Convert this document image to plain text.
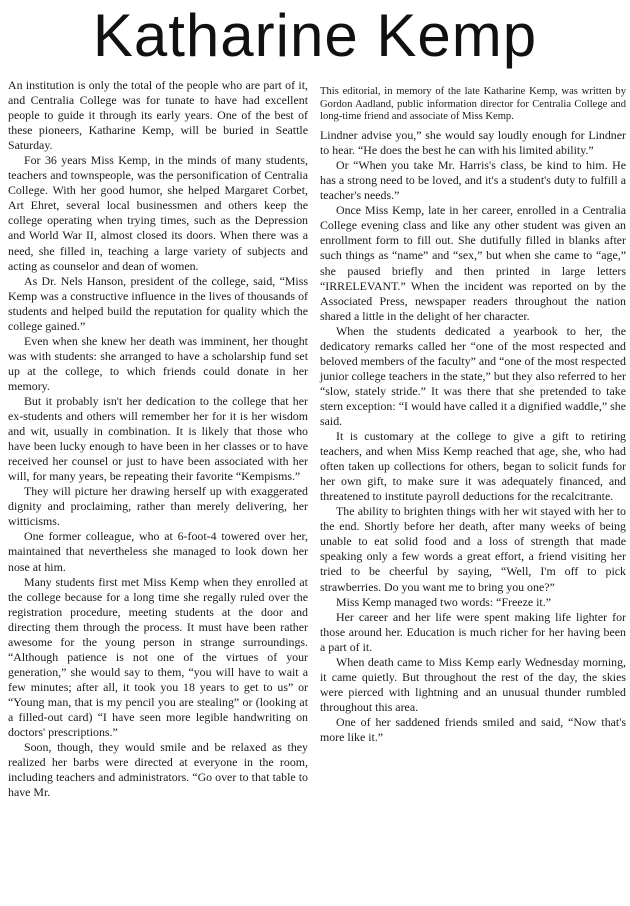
Katharine Kemp

An institution is only the total of the people who are part of it, and Centralia College was for tunate to have had excellent people to guide it through its early years. One of the best of these pioneers, Katharine Kemp, will be buried in Seattle Saturday.

For 36 years Miss Kemp, in the minds of many students, teachers and townspeople, was the personification of Centralia College. With her good humor, she helped Margaret Corbet, Art Ehret, several local businessmen and others keep the college operating when trying times, such as the Depression and World War II, almost closed its doors. When there was a need, she filled in, teaching a large variety of subjects and acting as counselor and dean of women.

As Dr. Nels Hanson, president of the college, said, “Miss Kemp was a constructive influence in the lives of thousands of students and helped build the reputation for quality which the college gained.”

Even when she knew her death was imminent, her thought was with students: she arranged to have a scholarship fund set up at the college, to which friends could donate in her memory.

But it probably isn't her dedication to the college that her ex-students and others will remember her for it is her wisdom and wit, usually in combination. It is likely that those who have been lucky enough to have been in her classes or to have received her counsel or just to have been associated with her will, for many years, be repeating their favorite “Kempisms.”

They will picture her drawing herself up with exaggerated dignity and proclaiming, rather than merely delivering, her witticisms.

One former colleague, who at 6-foot-4 towered over her, maintained that nevertheless she managed to look down her nose at him.

Many students first met Miss Kemp when they enrolled at the college because for a long time she regally ruled over the registration procedure, meeting students at the door and directing them through the process. It must have been rather awesome for the young person in strange surroundings. “Although patience is not one of the virtues of your generation,” she would say to them, “you will have to wait a few minutes; after all, it took you 18 years to get to us” or “Young man, that is my pencil you are stealing” or (looking at a filled-out card) “I have seen more legible handwriting on doctors' prescriptions.”

Soon, though, they would smile and be relaxed as they realized her barbs were directed at everyone in the room, including teachers and administrators. “Go over to that table to have Mr.

This editorial, in memory of the late Katharine Kemp, was written by Gordon Aadland, public information director for Centralia College and long-time friend and associate of Miss Kemp.

Lindner advise you,” she would say loudly enough for Lindner to hear. “He does the best he can with his limited ability.”

Or “When you take Mr. Harris's class, be kind to him. He has a strong need to be loved, and it's a student's duty to fulfill a teacher's needs.”

Once Miss Kemp, late in her career, enrolled in a Centralia College evening class and like any other student was given an enrollment form to fill out. She dutifully filled in blanks after such things as “name” and “sex,” but when she came to “age,” she paused briefly and then printed in large letters “IRRELEVANT.” When the incident was reported on by the Associated Press, newspaper readers throughout the nation shared a little in the delight of her character.

When the students dedicated a yearbook to her, the dedicatory remarks called her “one of the most respected and beloved members of the faculty” and “one of the most respected junior college teachers in the state,” but they also referred to her “slow, stately stride.” It was there that she pretended to take stern exception: “I would have called it a dignified waddle,” she said.

It is customary at the college to give a gift to retiring teachers, and when Miss Kemp reached that age, she, who had often taken up collections for others, began to solicit funds for her own gift, to make sure it was adequately financed, and threatened to institute payroll deductions for the recalcitrante.

The ability to brighten things with her wit stayed with her to the end. Shortly before her death, after many weeks of being unable to eat solid food and a loss of strength that made speaking only a few words a great effort, a friend visiting her tried to be cheerful by saying, “Well, I'm off to pick strawberries. Do you want me to bring you one?”

Miss Kemp managed two words: “Freeze it.”

Her career and her life were spent making life lighter for those around her. Education is much richer for her having been a part of it.

When death came to Miss Kemp early Wednesday morning, it came quietly. But throughout the rest of the day, the skies were pierced with lightning and an unusual thunder rumbled throughout this area.

One of her saddened friends smiled and said, “Now that's more like it.”
